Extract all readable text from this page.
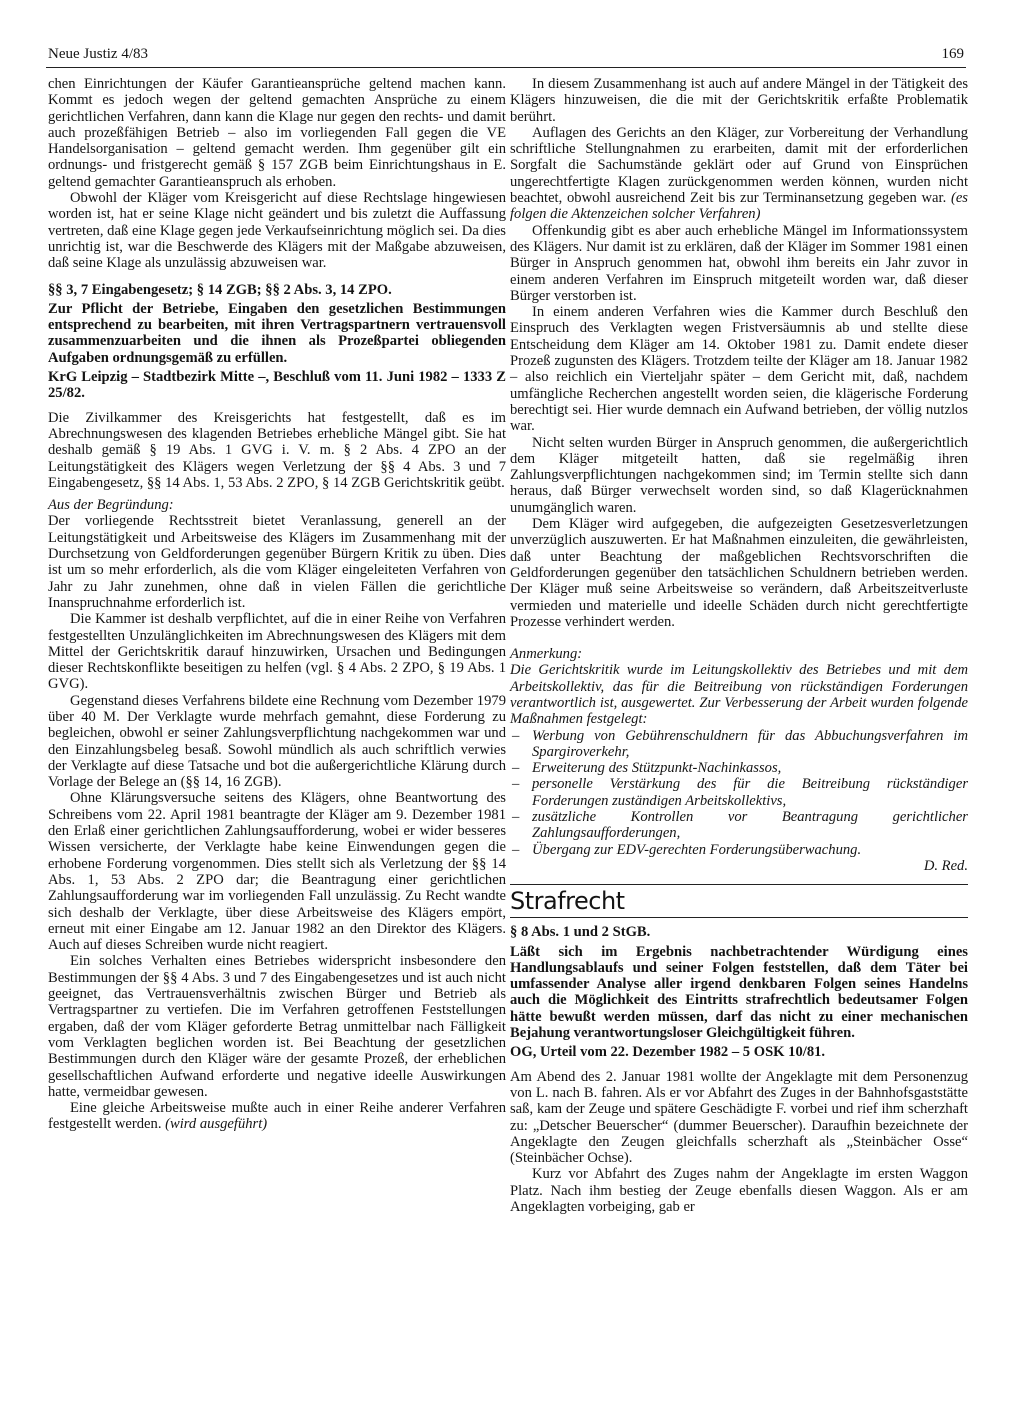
Neue Justiz 4/83	169

chen Einrichtungen der Käufer Garantieansprüche geltend machen kann. Kommt es jedoch wegen der geltend gemachten Ansprüche zu einem gerichtlichen Verfahren, dann kann die Klage nur gegen den rechts- und damit auch prozeßfähigen Betrieb – also im vorliegenden Fall gegen die VE Handelsorganisation – geltend gemacht werden. Ihm gegenüber gilt ein ordnungs- und fristgerecht gemäß § 157 ZGB beim Einrichtungshaus in E. geltend gemachter Garantieanspruch als erhoben.

Obwohl der Kläger vom Kreisgericht auf diese Rechtslage hingewiesen worden ist, hat er seine Klage nicht geändert und bis zuletzt die Auffassung vertreten, daß eine Klage gegen jede Verkaufseinrichtung möglich sei. Da dies unrichtig ist, war die Beschwerde des Klägers mit der Maßgabe abzuweisen, daß seine Klage als unzulässig abzuweisen war.

§§ 3, 7 Eingabengesetz; § 14 ZGB; §§ 2 Abs. 3, 14 ZPO.

Zur Pflicht der Betriebe, Eingaben den gesetzlichen Bestimmungen entsprechend zu bearbeiten, mit ihren Vertragspartnern vertrauensvoll zusammenzuarbeiten und die ihnen als Prozeßpartei obliegenden Aufgaben ordnungsgemäß zu erfüllen.

KrG Leipzig – Stadtbezirk Mitte –, Beschluß vom 11. Juni 1982 – 1333 Z 25/82.

Die Zivilkammer des Kreisgerichts hat festgestellt, daß es im Abrechnungswesen des klagenden Betriebes erhebliche Mängel gibt. Sie hat deshalb gemäß § 19 Abs. 1 GVG i. V. m. § 2 Abs. 4 ZPO an der Leitungstätigkeit des Klägers wegen Verletzung der §§ 4 Abs. 3 und 7 Eingabengesetz, §§ 14 Abs. 1, 53 Abs. 2 ZPO, § 14 ZGB Gerichtskritik geübt.

Aus der Begründung:

Der vorliegende Rechtsstreit bietet Veranlassung, generell an der Leitungstätigkeit und Arbeitsweise des Klägers im Zusammenhang mit der Durchsetzung von Geldforderungen gegenüber Bürgern Kritik zu üben. Dies ist um so mehr erforderlich, als die vom Kläger eingeleiteten Verfahren von Jahr zu Jahr zunehmen, ohne daß in vielen Fällen die gerichtliche Inanspruchnahme erforderlich ist.

Die Kammer ist deshalb verpflichtet, auf die in einer Reihe von Verfahren festgestellten Unzulänglichkeiten im Abrechnungswesen des Klägers mit dem Mittel der Gerichtskritik darauf hinzuwirken, Ursachen und Bedingungen dieser Rechtskonflikte beseitigen zu helfen (vgl. § 4 Abs. 2 ZPO, § 19 Abs. 1 GVG).

Gegenstand dieses Verfahrens bildete eine Rechnung vom Dezember 1979 über 40 M. Der Verklagte wurde mehrfach gemahnt, diese Forderung zu begleichen, obwohl er seiner Zahlungsverpflichtung nachgekommen war und den Einzahlungsbeleg besaß. Sowohl mündlich als auch schriftlich verwies der Verklagte auf diese Tatsache und bot die außergerichtliche Klärung durch Vorlage der Belege an (§§ 14, 16 ZGB).

Ohne Klärungsversuche seitens des Klägers, ohne Beantwortung des Schreibens vom 22. April 1981 beantragte der Kläger am 9. Dezember 1981 den Erlaß einer gerichtlichen Zahlungsaufforderung, wobei er wider besseres Wissen versicherte, der Verklagte habe keine Einwendungen gegen die erhobene Forderung vorgenommen. Dies stellt sich als Verletzung der §§ 14 Abs. 1, 53 Abs. 2 ZPO dar; die Beantragung einer gerichtlichen Zahlungsaufforderung war im vorliegenden Fall unzulässig. Zu Recht wandte sich deshalb der Verklagte, über diese Arbeitsweise des Klägers empört, erneut mit einer Eingabe am 12. Januar 1982 an den Direktor des Klägers. Auch auf dieses Schreiben wurde nicht reagiert.

Ein solches Verhalten eines Betriebes widerspricht insbesondere den Bestimmungen der §§ 4 Abs. 3 und 7 des Eingabengesetzes und ist auch nicht geeignet, das Vertrauensverhältnis zwischen Bürger und Betrieb als Vertragspartner zu vertiefen. Die im Verfahren getroffenen Feststellungen ergaben, daß der vom Kläger geforderte Betrag unmittelbar nach Fälligkeit vom Verklagten beglichen worden ist. Bei Beachtung der gesetzlichen Bestimmungen durch den Kläger wäre der gesamte Prozeß, der erheblichen gesellschaftlichen Aufwand erforderte und negative ideelle Auswirkungen hatte, vermeidbar gewesen.

Eine gleiche Arbeitsweise mußte auch in einer Reihe anderer Verfahren festgestellt werden. (wird ausgeführt)

In diesem Zusammenhang ist auch auf andere Mängel in der Tätigkeit des Klägers hinzuweisen, die die mit der Gerichtskritik erfaßte Problematik berührt.

Auflagen des Gerichts an den Kläger, zur Vorbereitung der Verhandlung schriftliche Stellungnahmen zu erarbeiten, damit mit der erforderlichen Sorgfalt die Sachumstände geklärt oder auf Grund von Einsprüchen ungerechtfertigte Klagen zurückgenommen werden können, wurden nicht beachtet, obwohl ausreichend Zeit bis zur Terminansetzung gegeben war. (es folgen die Aktenzeichen solcher Verfahren)

Offenkundig gibt es aber auch erhebliche Mängel im Informationssystem des Klägers. Nur damit ist zu erklären, daß der Kläger im Sommer 1981 einen Bürger in Anspruch genommen hat, obwohl ihm bereits ein Jahr zuvor in einem anderen Verfahren im Einspruch mitgeteilt worden war, daß dieser Bürger verstorben ist.

In einem anderen Verfahren wies die Kammer durch Beschluß den Einspruch des Verklagten wegen Fristversäumnis ab und stellte diese Entscheidung dem Kläger am 14. Oktober 1981 zu. Damit endete dieser Prozeß zugunsten des Klägers. Trotzdem teilte der Kläger am 18. Januar 1982 – also reichlich ein Vierteljahr später – dem Gericht mit, daß, nachdem umfängliche Recherchen angestellt worden seien, die klägerische Forderung berechtigt sei. Hier wurde demnach ein Aufwand betrieben, der völlig nutzlos war.

Nicht selten wurden Bürger in Anspruch genommen, die außergerichtlich dem Kläger mitgeteilt hatten, daß sie regelmäßig ihren Zahlungsverpflichtungen nachgekommen sind; im Termin stellte sich dann heraus, daß Bürger verwechselt worden sind, so daß Klagerücknahmen unumgänglich waren.

Dem Kläger wird aufgegeben, die aufgezeigten Gesetzesverletzungen unverzüglich auszuwerten. Er hat Maßnahmen einzuleiten, die gewährleisten, daß unter Beachtung der maßgeblichen Rechtsvorschriften die Geldforderungen gegenüber den tatsächlichen Schuldnern betrieben werden. Der Kläger muß seine Arbeitsweise so verändern, daß Arbeitszeitverluste vermieden und materielle und ideelle Schäden durch nicht gerechtfertigte Prozesse verhindert werden.

Anmerkung:

Die Gerichtskritik wurde im Leitungskollektiv des Betriebes und mit dem Arbeitskollektiv, das für die Beitreibung von rückständigen Forderungen verantwortlich ist, ausgewertet. Zur Verbesserung der Arbeit wurden folgende Maßnahmen festgelegt:

– Werbung von Gebührenschuldnern für das Abbuchungsverfahren im Spargiroverkehr,
– Erweiterung des Stützpunkt-Nachinkassos,
– personelle Verstärkung des für die Beitreibung rückständiger Forderungen zuständigen Arbeitskollektivs,
– zusätzliche Kontrollen vor Beantragung gerichtlicher Zahlungsaufforderungen,
– Übergang zur EDV-gerechten Forderungsüberwachung.

D. Red.

Strafrecht

§ 8 Abs. 1 und 2 StGB.

Läßt sich im Ergebnis nachbetrachtender Würdigung eines Handlungsablaufs und seiner Folgen feststellen, daß dem Täter bei umfassender Analyse aller irgend denkbaren Folgen seines Handelns auch die Möglichkeit des Eintritts strafrechtlich bedeutsamer Folgen hätte bewußt werden müssen, darf das nicht zu einer mechanischen Bejahung verantwortungsloser Gleichgültigkeit führen.

OG, Urteil vom 22. Dezember 1982 – 5 OSK 10/81.

Am Abend des 2. Januar 1981 wollte der Angeklagte mit dem Personenzug von L. nach B. fahren. Als er vor Abfahrt des Zuges in der Bahnhofsgaststätte saß, kam der Zeuge und spätere Geschädigte F. vorbei und rief ihm scherzhaft zu: „Detscher Beuerscher“ (dummer Beuerscher). Daraufhin bezeichnete der Angeklagte den Zeugen gleichfalls scherzhaft als „Steinbächer Osse“ (Steinbächer Ochse).

Kurz vor Abfahrt des Zuges nahm der Angeklagte im ersten Waggon Platz. Nach ihm bestieg der Zeuge ebenfalls diesen Waggon. Als er am Angeklagten vorbeiging, gab er
